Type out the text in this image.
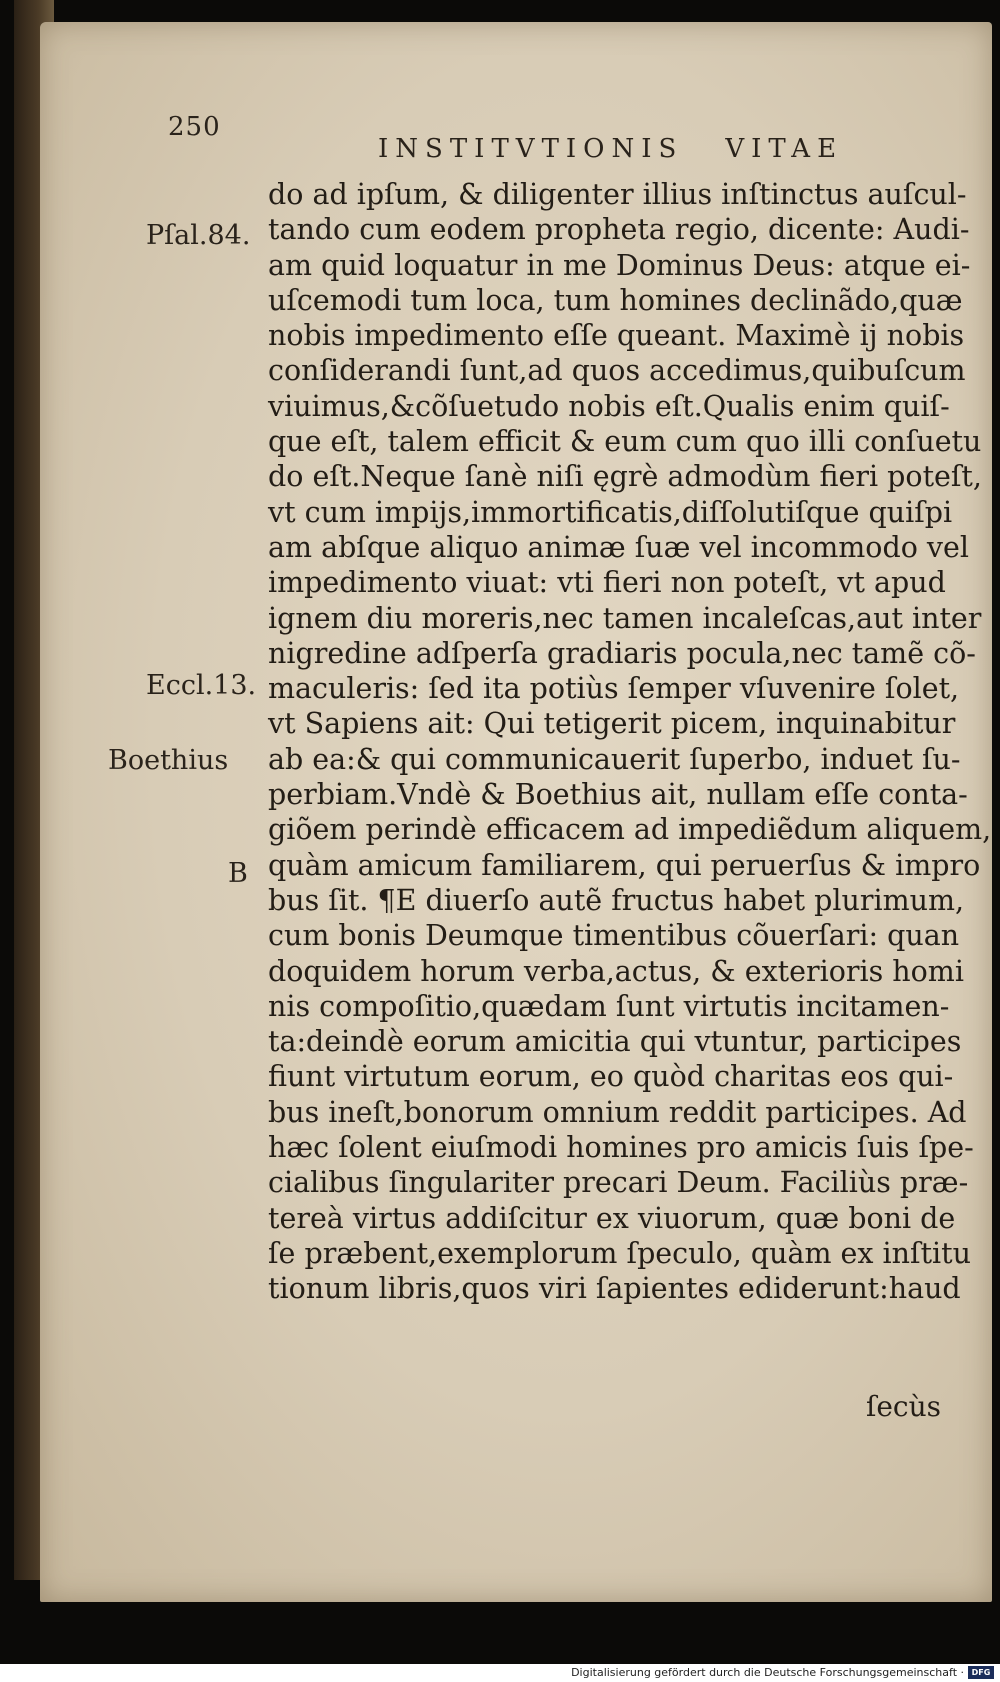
250
INSTITVTIONIS VITAE
do ad ipſum, & diligenter illius inſtinctus auſcul-
tando cum eodem propheta regio, dicente: Audi-
am quid loquatur in me Dominus Deus: atque ei-
uſcemodi tum loca, tum homines declinãdo,quæ
nobis impedimento eſſe queant. Maximè ij nobis
conſiderandi ſunt,ad quos accedimus,quibuſcum
viuimus,&cõſuetudo nobis eſt.Qualis enim quiſ-
que eſt, talem efficit & eum cum quo illi conſuetu
do eſt.Neque ſanè niſi ęgrè admodùm fieri poteſt,
vt cum impijs,immortificatis,diſſolutiſque quiſpi
am abſque aliquo animæ ſuæ vel incommodo vel
impedimento viuat: vti fieri non poteſt, vt apud
ignem diu moreris,nec tamen incaleſcas,aut inter
nigredine adſperſa gradiaris pocula,nec tamẽ cõ-
maculeris: ſed ita potiùs ſemper vſuvenire ſolet,
vt Sapiens ait: Qui tetigerit picem, inquinabitur
ab ea:& qui communicauerit ſuperbo, induet ſu-
perbiam.Vndè & Boethius ait, nullam eſſe conta-
giõem perindè efficacem ad impediẽdum aliquem,
quàm amicum familiarem, qui peruerſus & impro
bus ſit. ¶E diuerſo autẽ fructus habet plurimum,
cum bonis Deumque timentibus cõuerſari: quan
doquidem horum verba,actus, & exterioris homi
nis compoſitio,quædam ſunt virtutis incitamen-
ta:deindè eorum amicitia qui vtuntur, participes
fiunt virtutum eorum, eo quòd charitas eos qui-
bus ineſt,bonorum omnium reddit participes. Ad
hæc ſolent eiuſmodi homines pro amicis ſuis ſpe-
cialibus ſingulariter precari Deum. Faciliùs præ-
tereà virtus addiſcitur ex viuorum, quæ boni de
ſe præbent,exemplorum ſpeculo, quàm ex inſtitu
tionum libris,quos viri ſapientes ediderunt:haud
Pſal.84.
Eccl.13.
Boethius
B
ſecùs
Digitalisierung gefördert durch die Deutsche Forschungsgemeinschaft · DFG
